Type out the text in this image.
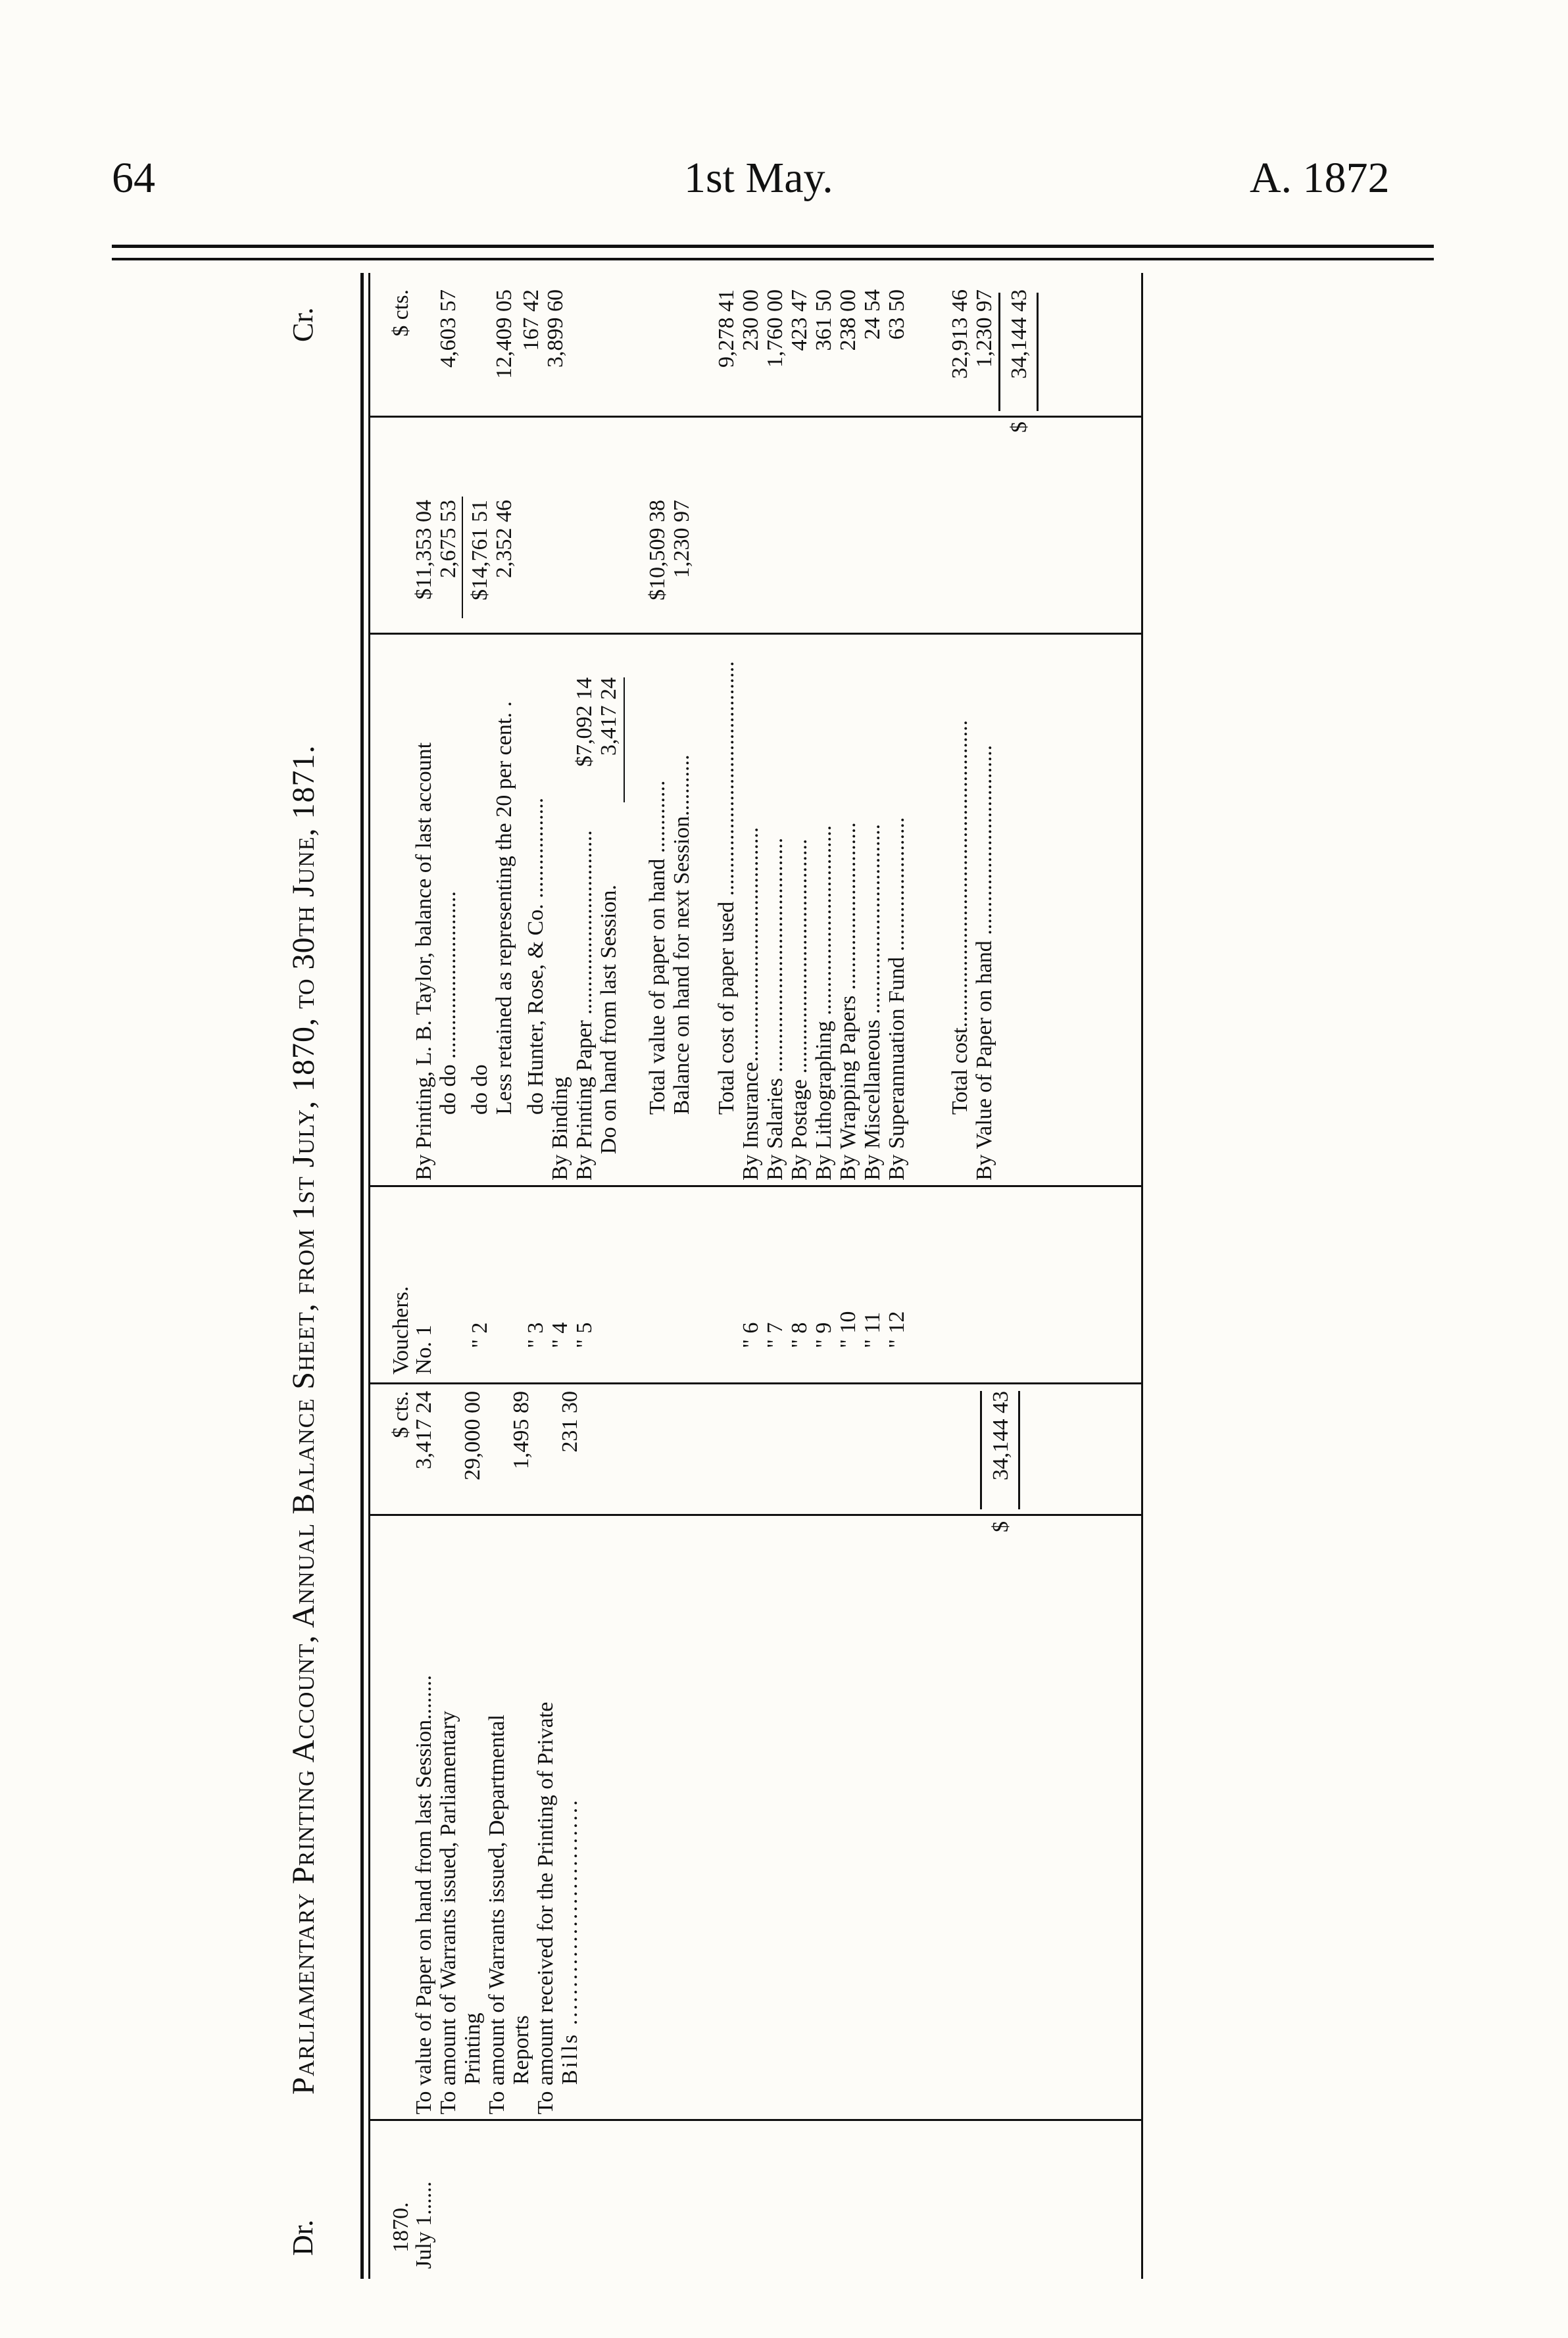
64	1st May.	A. 1872
Dr.
Parliamentary Printing Account, Annual Balance Sheet, from 1st July, 1870, to 30th June, 1871.
Cr.
1870.
July 1......
$ cts.
Vouchers.
$ cts.
To value of Paper on hand from last Session........
3,417 24
To amount of Warrants issued, Parliamentary Printing
29,000 00
To amount of Warrants issued, Departmental Reports
1,495 89
To amount received for the Printing of Private Bills ..............................
231 30
$
34,144 43
No. 1
By Printing, L. B. Taylor, balance of last account
$11,353 04
do do ..............................
2,675 53
4,603 57
" 2
do do
$14,761 51
Less retained as representing the 20 per cent. .
2,352 46
12,409 05
" 3
do Hunter, Rose, & Co. ..................
167 42
" 4
By Binding
3,899 60
" 5
By Printing Paper .................................
$7,092 14
Do on hand from last Session.
3,417 24
Total value of paper on hand .............
$10,509 38
Balance on hand for next Session...........
1,230 97
Total cost of paper used ..........................................
9,278 41
" 6
By Insurance..........................................
230 00
" 7
By Salaries ..........................................
1,760 00
" 8
By Postage ..........................................
423 47
" 9
By Lithographing ..................................
361 50
" 10
By Wrapping Papers ..............................
238 00
" 11
By Miscellaneous ..................................
24 54
" 12
By Superannuation Fund ........................
63 50
Total cost.......................................................
32,913 46
By Value of Paper on hand ..................................
1,230 97
$
34,144 43
